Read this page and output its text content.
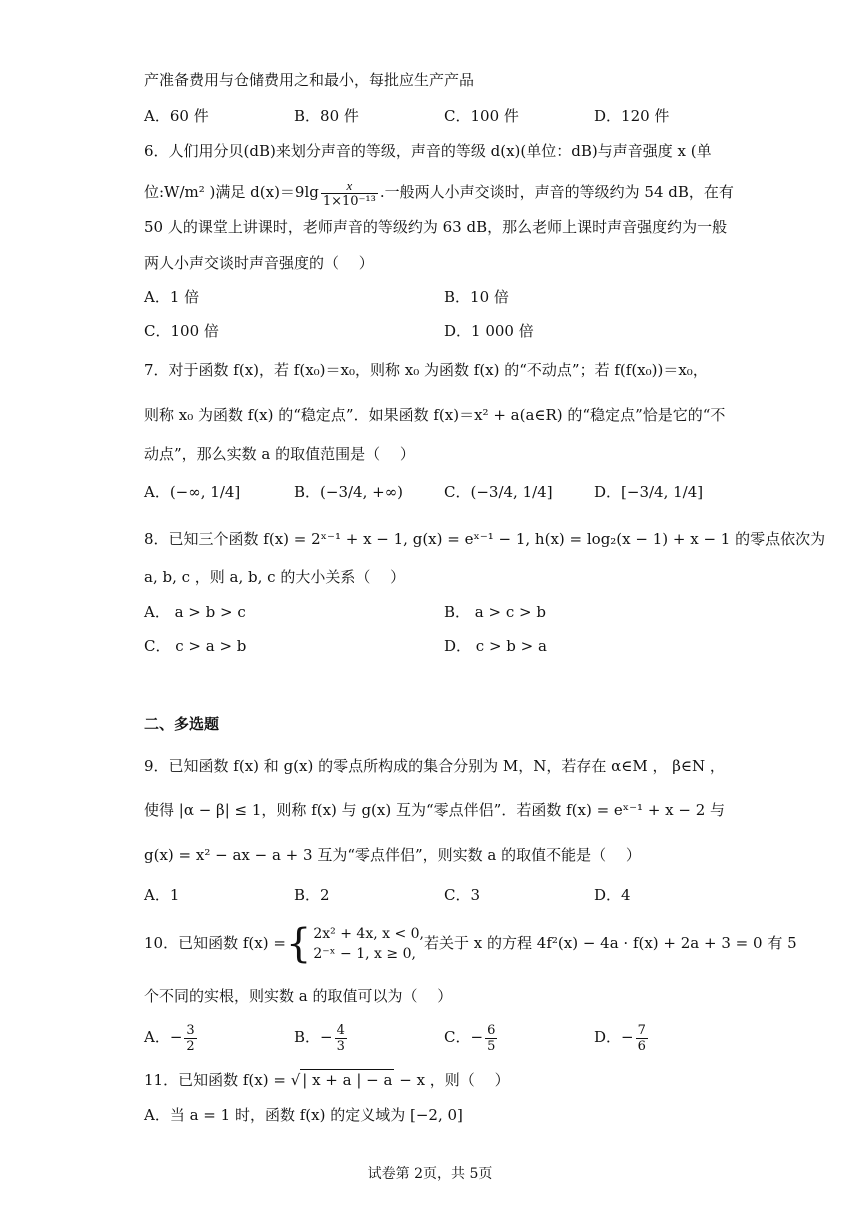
产准备费用与仓储费用之和最小，每批应生产产品
A．60 件	B．80 件	C．100 件	D．120 件
6．人们用分贝(dB)来划分声音的等级，声音的等级 d(x)(单位：dB)与声音强度 x (单
位:W/m² )满足 $d(x)=9\lg \frac{x}{\text{1×10⁻¹³}}$ .一般两人小声交谈时，声音的等级约为 54 dB，在有
50 人的课堂上讲课时，老师声音的等级约为 63 dB，那么老师上课时声音强度约为一般
两人小声交谈时声音强度的（　 ）
A．1 倍	B．10 倍
C．100 倍	D．1 000 倍
7．对于函数 f(x)，若 f(x₀)＝x₀，则称 x₀ 为函数 f(x) 的“不动点”；若 f(f(x₀))＝x₀，
则称 x₀ 为函数 f(x) 的“稳定点”．如果函数 f(x)＝x² + a(a∈R) 的“稳定点”恰是它的“不
动点”，那么实数 a 的取值范围是（　 ）
A．(−∞, 1/4]	B．(−3/4, +∞)	C．(−3/4, 1/4]	D．[−3/4, 1/4]
8．已知三个函数 f(x) = 2ˣ⁻¹ + x − 1, g(x) = eˣ⁻¹ − 1, h(x) = log₂(x − 1) + x − 1 的零点依次为
a, b, c ，则 a, b, c 的大小关系（　 ）
A． a > b > c	B． a > c > b
C． c > a > b	D． c > b > a
二、多选题
9．已知函数 f(x) 和 g(x) 的零点所构成的集合分别为 M，N，若存在 α∈M ， β∈N ，
使得 |α − β| ≤ 1，则称 f(x) 与 g(x) 互为“零点伴侣”．若函数 f(x) = eˣ⁻¹ + x − 2 与
g(x) = x² − ax − a + 3 互为“零点伴侣”，则实数 a 的取值不能是（　 ）
A．1	B．2	C．3	D．4
10．已知函数 f(x) ={ 2x² + 4x, x < 0,
2⁻ˣ − 1, x ≥ 0,
若关于 x 的方程 4f²(x) − 4a · f(x) + 2a + 3 = 0 有 5
个不同的实根，则实数 a 的取值可以为（　 ）
A．− $\frac{3}{2}$	B．− $\frac{4}{3}$	C．− $\frac{6}{5}$	D．− $\frac{7}{6}$
11．已知函数 f(x) = √ | x + a | − a − x ，则（　 ）
A．当 a = 1 时，函数 f(x) 的定义域为 [−2, 0]
试卷第 2页，共 5页
